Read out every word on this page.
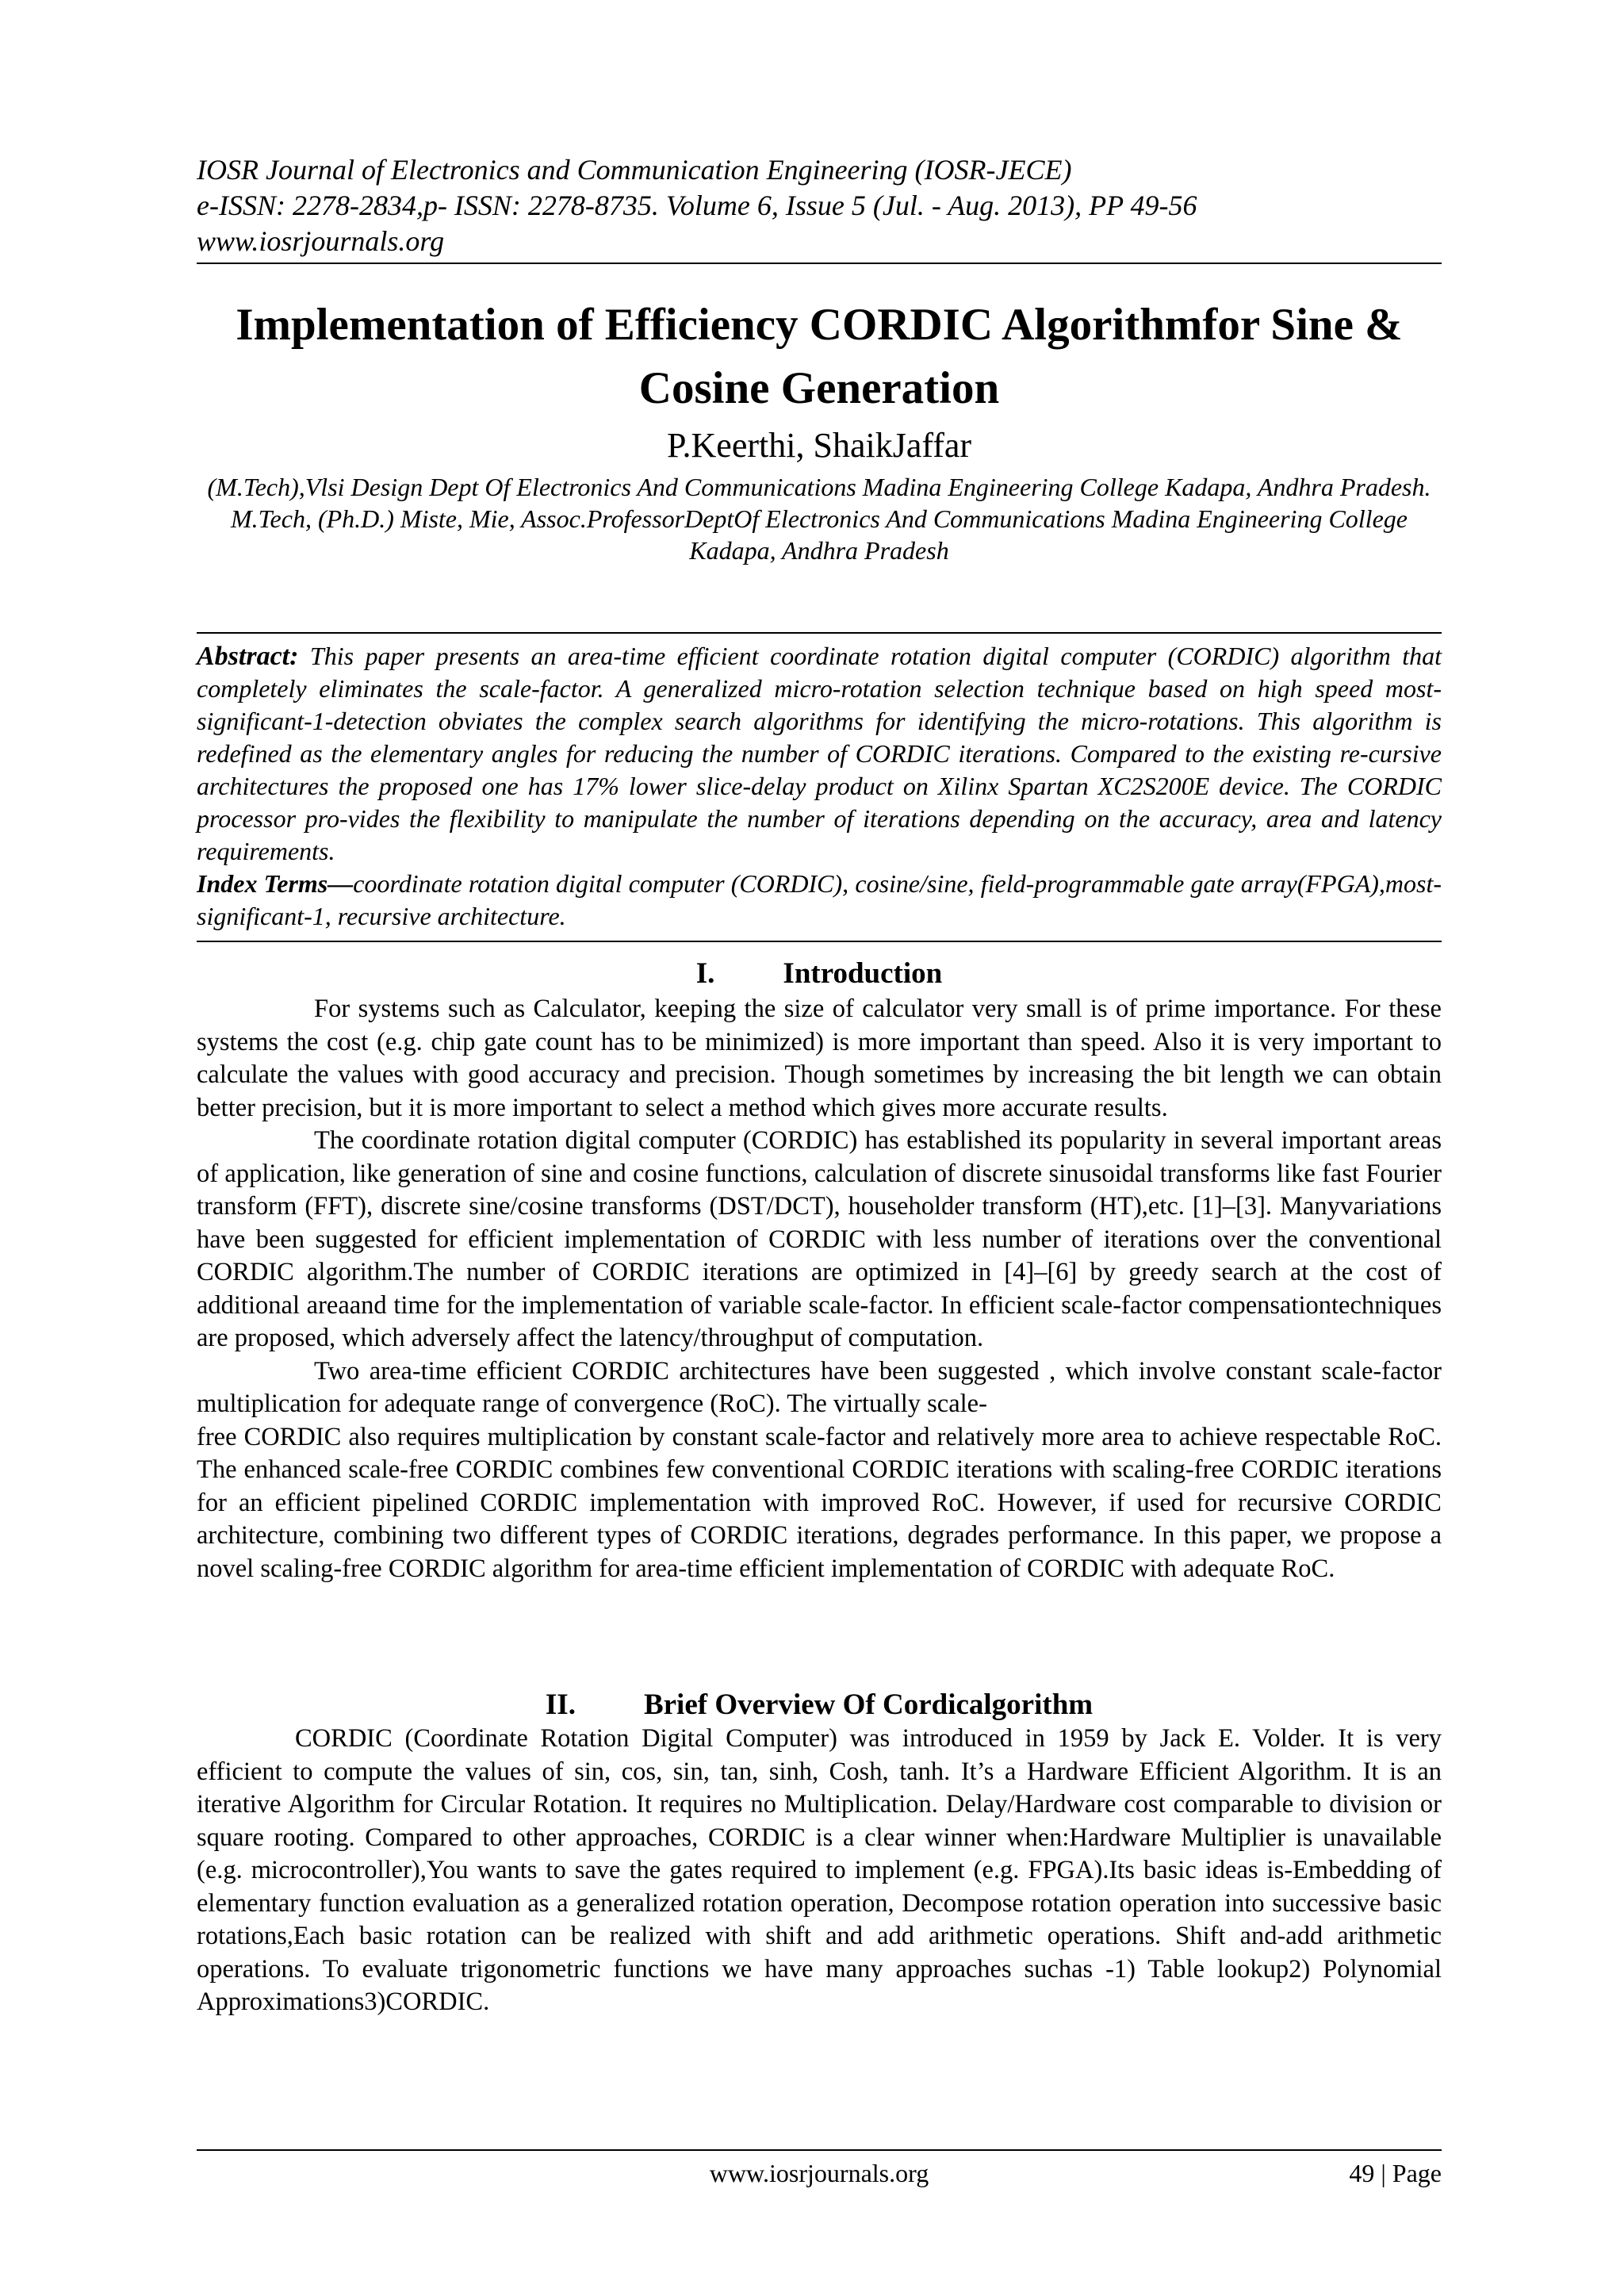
IOSR Journal of Electronics and Communication Engineering (IOSR-JECE)
e-ISSN: 2278-2834,p- ISSN: 2278-8735. Volume 6, Issue 5 (Jul. - Aug. 2013), PP 49-56
www.iosrjournals.org
Implementation of Efficiency CORDIC Algorithmfor Sine & Cosine Generation
P.Keerthi, ShaikJaffar
(M.Tech),Vlsi Design Dept Of Electronics And Communications Madina Engineering College Kadapa, Andhra Pradesh.
M.Tech, (Ph.D.) Miste, Mie, Assoc.ProfessorDeptOf Electronics And Communications Madina Engineering College Kadapa, Andhra Pradesh

Abstract: This paper presents an area-time efficient coordinate rotation digital computer (CORDIC) algorithm that completely eliminates the scale-factor. A generalized micro-rotation selection technique based on high speed most-significant-1-detection obviates the complex search algorithms for identifying the micro-rotations. This algorithm is redefined as the elementary angles for reducing the number of CORDIC iterations. Compared to the existing re-cursive architectures the proposed one has 17% lower slice-delay product on Xilinx Spartan XC2S200E device. The CORDIC processor pro-vides the flexibility to manipulate the number of iterations depending on the accuracy, area and latency requirements.

Index Terms—coordinate rotation digital computer (CORDIC), cosine/sine, field-programmable gate array(FPGA),most-significant-1, recursive architecture.

I. Introduction

For systems such as Calculator, keeping the size of calculator very small is of prime importance. For these systems the cost (e.g. chip gate count has to be minimized) is more important than speed. Also it is very important to calculate the values with good accuracy and precision. Though sometimes by increasing the bit length we can obtain better precision, but it is more important to select a method which gives more accurate results.

The coordinate rotation digital computer (CORDIC) has established its popularity in several important areas of application, like generation of sine and cosine functions, calculation of discrete sinusoidal transforms like fast Fourier transform (FFT), discrete sine/cosine transforms (DST/DCT), householder transform (HT),etc. [1]–[3]. Manyvariations have been suggested for efficient implementation of CORDIC with less number of iterations over the conventional CORDIC algorithm.The number of CORDIC iterations are optimized in [4]–[6] by greedy search at the cost of additional areaand time for the implementation of variable scale-factor. In efficient scale-factor compensationtechniques are proposed, which adversely affect the latency/throughput of computation.

Two area-time efficient CORDIC architectures have been suggested , which involve constant scale-factor multiplication for adequate range of convergence (RoC). The virtually scale-

free CORDIC also requires multiplication by constant scale-factor and relatively more area to achieve respectable RoC. The enhanced scale-free CORDIC combines few conventional CORDIC iterations with scaling-free CORDIC iterations for an efficient pipelined CORDIC implementation with improved RoC. However, if used for recursive CORDIC architecture, combining two different types of CORDIC iterations, degrades performance. In this paper, we propose a novel scaling-free CORDIC algorithm for area-time efficient implementation of CORDIC with adequate RoC.

II. Brief Overview Of Cordicalgorithm

CORDIC (Coordinate Rotation Digital Computer) was introduced in 1959 by Jack E. Volder. It is very efficient to compute the values of sin, cos, sin, tan, sinh, Cosh, tanh. It’s a Hardware Efficient Algorithm. It is an iterative Algorithm for Circular Rotation. It requires no Multiplication. Delay/Hardware cost comparable to division or square rooting. Compared to other approaches, CORDIC is a clear winner when:Hardware Multiplier is unavailable (e.g. microcontroller),You wants to save the gates required to implement (e.g. FPGA).Its basic ideas is-Embedding of elementary function evaluation as a generalized rotation operation, Decompose rotation operation into successive basic rotations,Each basic rotation can be realized with shift and add arithmetic operations. Shift and-add arithmetic operations. To evaluate trigonometric functions we have many approaches suchas -1) Table lookup2) Polynomial Approximations3)CORDIC.

www.iosrjournals.org	49 | Page
